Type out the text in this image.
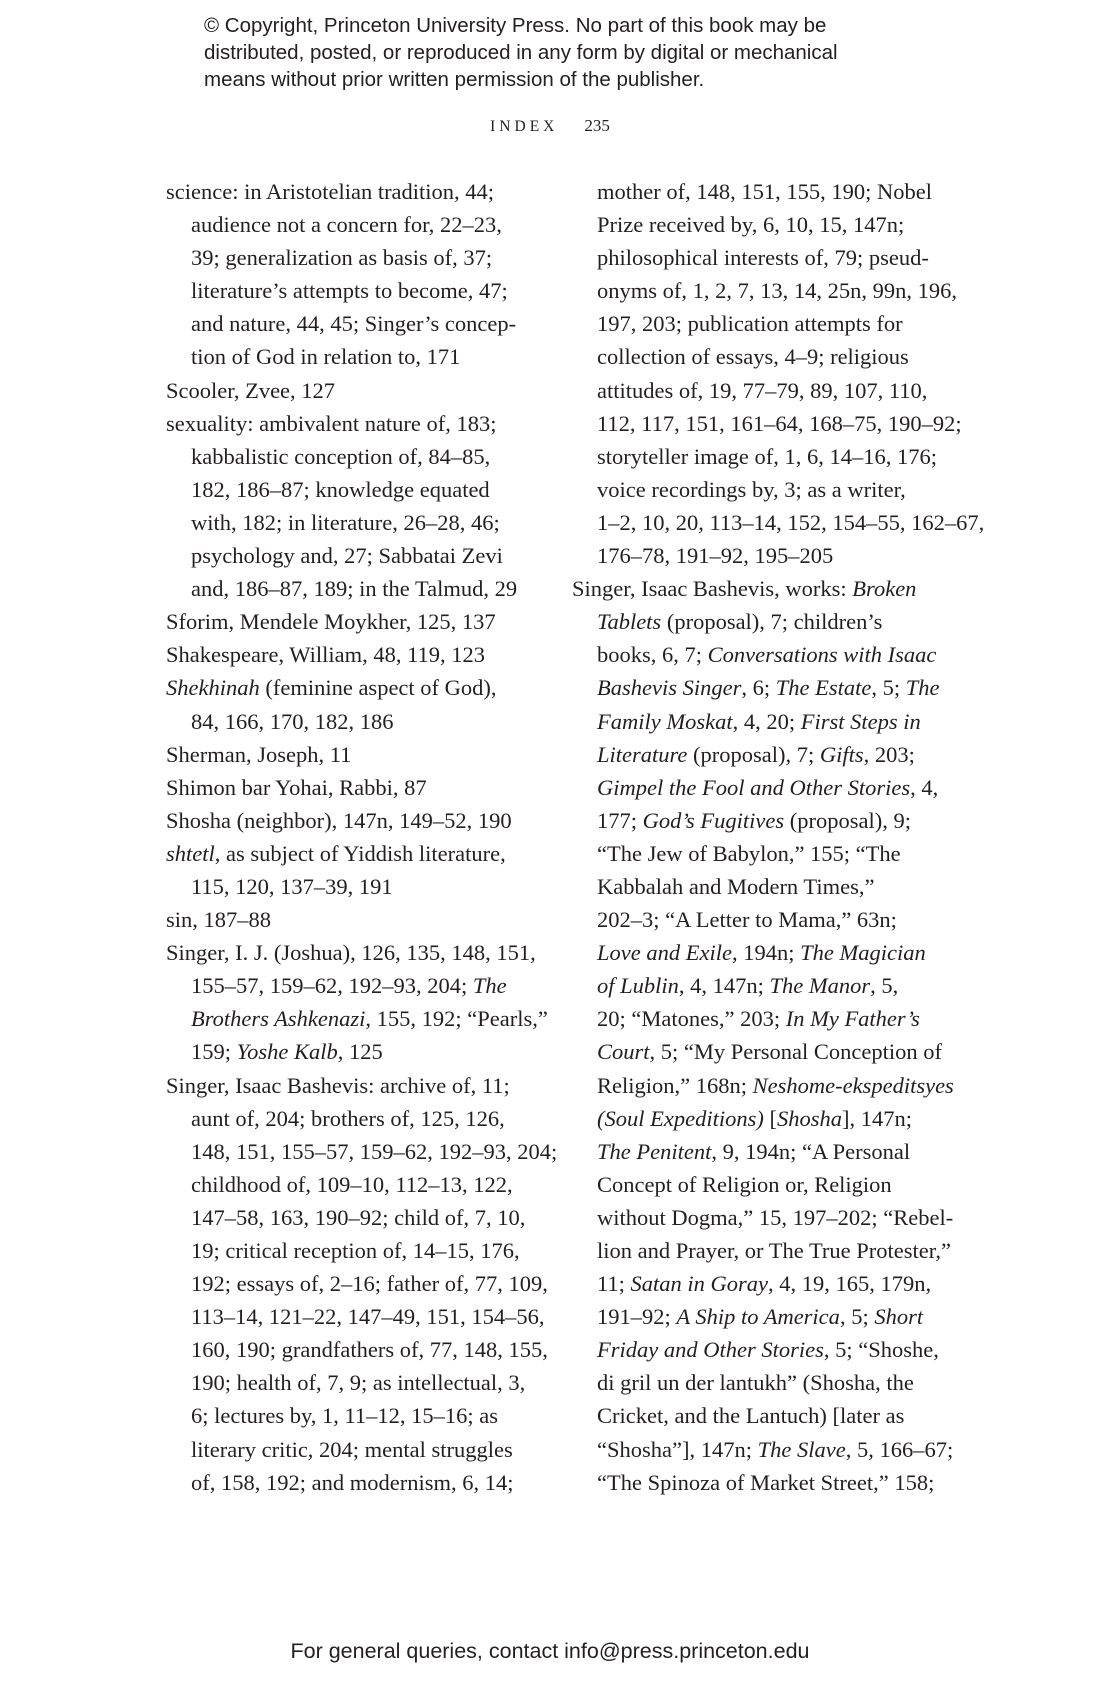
© Copyright, Princeton University Press. No part of this book may be
distributed, posted, or reproduced in any form by digital or mechanical
means without prior written permission of the publisher.
INDEX 235
science: in Aristotelian tradition, 44;
audience not a concern for, 22–23,
39; generalization as basis of, 37;
literature’s attempts to become, 47;
and nature, 44, 45; Singer’s concep-
tion of God in relation to, 171
Scooler, Zvee, 127
sexuality: ambivalent nature of, 183;
kabbalistic conception of, 84–85,
182, 186–87; knowledge equated
with, 182; in literature, 26–28, 46;
psychology and, 27; Sabbatai Zevi
and, 186–87, 189; in the Talmud, 29
Sforim, Mendele Moykher, 125, 137
Shakespeare, William, 48, 119, 123
Shekhinah (feminine aspect of God),
84, 166, 170, 182, 186
Sherman, Joseph, 11
Shimon bar Yohai, Rabbi, 87
Shosha (neighbor), 147n, 149–52, 190
shtetl, as subject of Yiddish literature,
115, 120, 137–39, 191
sin, 187–88
Singer, I. J. (Joshua), 126, 135, 148, 151,
155–57, 159–62, 192–93, 204; The
Brothers Ashkenazi, 155, 192; “Pearls,”
159; Yoshe Kalb, 125
Singer, Isaac Bashevis: archive of, 11;
aunt of, 204; brothers of, 125, 126,
148, 151, 155–57, 159–62, 192–93, 204;
childhood of, 109–10, 112–13, 122,
147–58, 163, 190–92; child of, 7, 10,
19; critical reception of, 14–15, 176,
192; essays of, 2–16; father of, 77, 109,
113–14, 121–22, 147–49, 151, 154–56,
160, 190; grandfathers of, 77, 148, 155,
190; health of, 7, 9; as intellectual, 3,
6; lectures by, 1, 11–12, 15–16; as
literary critic, 204; mental struggles
of, 158, 192; and modernism, 6, 14;
mother of, 148, 151, 155, 190; Nobel
Prize received by, 6, 10, 15, 147n;
philosophical interests of, 79; pseud-
onyms of, 1, 2, 7, 13, 14, 25n, 99n, 196,
197, 203; publication attempts for
collection of essays, 4–9; religious
attitudes of, 19, 77–79, 89, 107, 110,
112, 117, 151, 161–64, 168–75, 190–92;
storyteller image of, 1, 6, 14–16, 176;
voice recordings by, 3; as a writer,
1–2, 10, 20, 113–14, 152, 154–55, 162–67,
176–78, 191–92, 195–205
Singer, Isaac Bashevis, works: Broken
Tablets (proposal), 7; children’s
books, 6, 7; Conversations with Isaac
Bashevis Singer, 6; The Estate, 5; The
Family Moskat, 4, 20; First Steps in
Literature (proposal), 7; Gifts, 203;
Gimpel the Fool and Other Stories, 4,
177; God’s Fugitives (proposal), 9;
“The Jew of Babylon,” 155; “The
Kabbalah and Modern Times,”
202–3; “A Letter to Mama,” 63n;
Love and Exile, 194n; The Magician
of Lublin, 4, 147n; The Manor, 5,
20; “Matones,” 203; In My Father’s
Court, 5; “My Personal Conception of
Religion,” 168n; Neshome-ekspeditsyes
(Soul Expeditions) [Shosha], 147n;
The Penitent, 9, 194n; “A Personal
Concept of Religion or, Religion
without Dogma,” 15, 197–202; “Rebel-
lion and Prayer, or The True Protester,”
11; Satan in Goray, 4, 19, 165, 179n,
191–92; A Ship to America, 5; Short
Friday and Other Stories, 5; “Shoshe,
di gril un der lantukh” (Shosha, the
Cricket, and the Lantuch) [later as
“Shosha”], 147n; The Slave, 5, 166–67;
“The Spinoza of Market Street,” 158;
For general queries, contact info@press.princeton.edu
